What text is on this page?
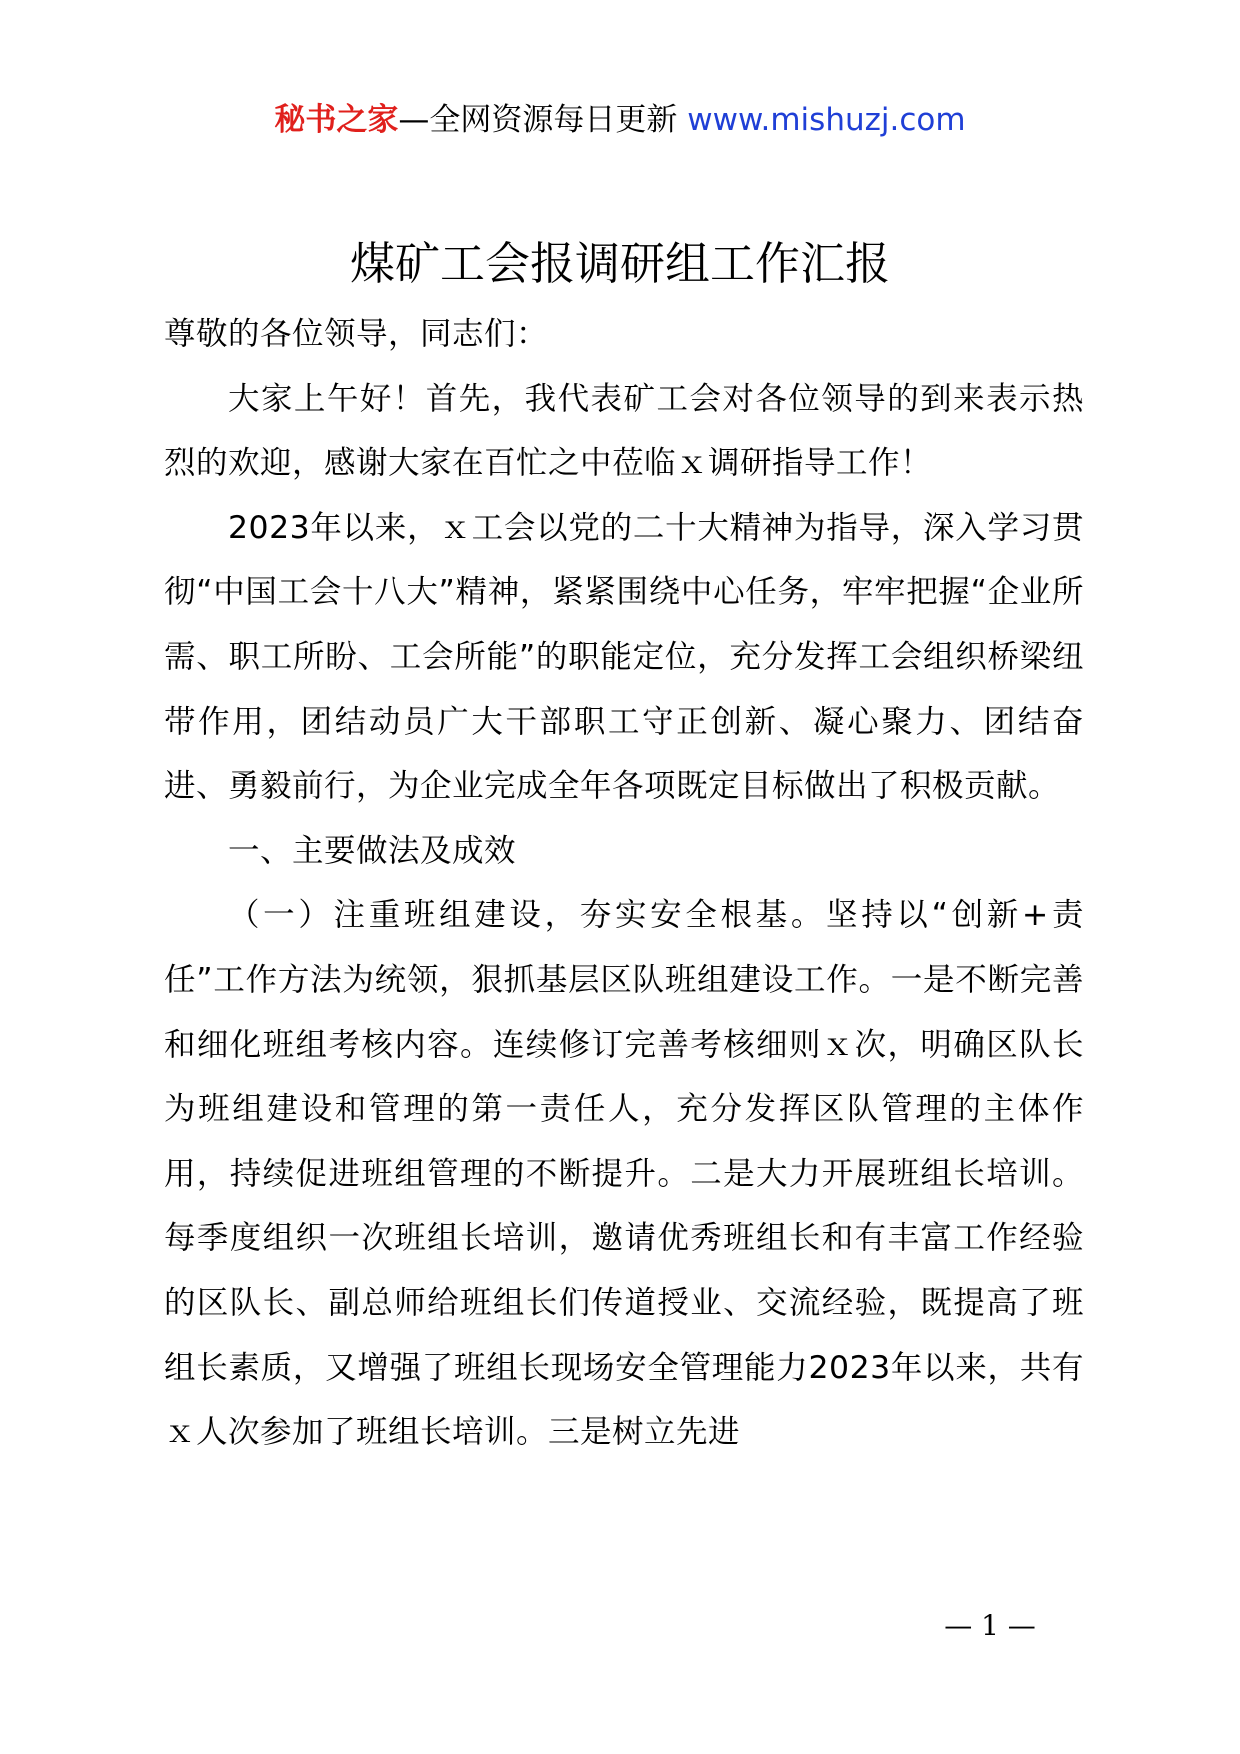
秘书之家—全网资源每日更新 www.mishuzj.com
煤矿工会报调研组工作汇报

尊敬的各位领导，同志们：

大家上午好！首先，我代表矿工会对各位领导的到来表示热烈的欢迎，感谢大家在百忙之中莅临ｘ调研指导工作！

2023年以来，ｘ工会以党的二十大精神为指导，深入学习贯彻“中国工会十八大”精神，紧紧围绕中心任务，牢牢把握“企业所需、职工所盼、工会所能”的职能定位，充分发挥工会组织桥梁纽带作用，团结动员广大干部职工守正创新、凝心聚力、团结奋进、勇毅前行，为企业完成全年各项既定目标做出了积极贡献。

一、主要做法及成效

（一）注重班组建设，夯实安全根基。坚持以“创新+责任”工作方法为统领，狠抓基层区队班组建设工作。一是不断完善和细化班组考核内容。连续修订完善考核细则ｘ次，明确区队长为班组建设和管理的第一责任人，充分发挥区队管理的主体作用，持续促进班组管理的不断提升。二是大力开展班组长培训。每季度组织一次班组长培训，邀请优秀班组长和有丰富工作经验的区队长、副总师给班组长们传道授业、交流经验，既提高了班组长素质，又增强了班组长现场安全管理能力2023年以来，共有ｘ人次参加了班组长培训。三是树立先进

— 1 —
